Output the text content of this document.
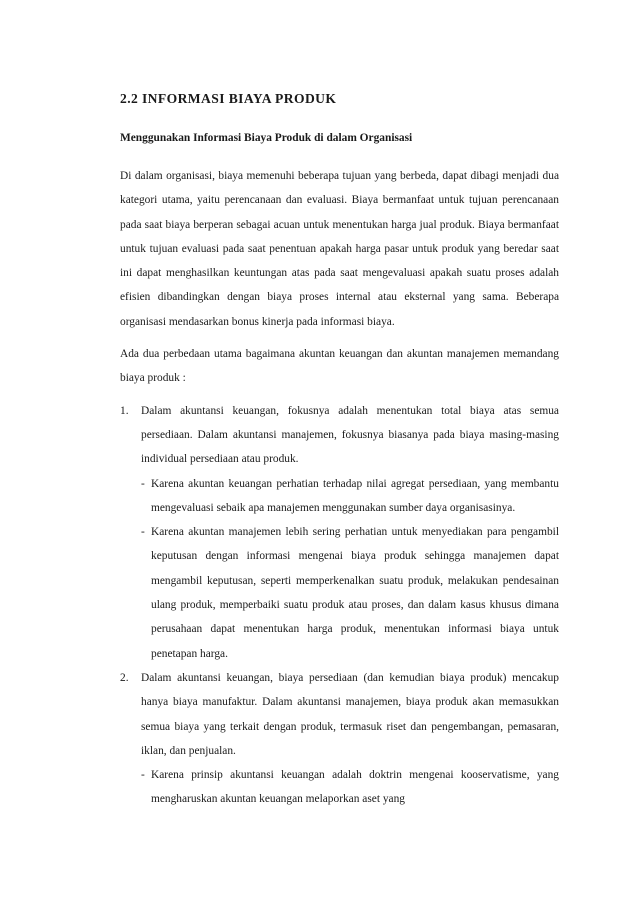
2.2 INFORMASI BIAYA PRODUK
Menggunakan Informasi Biaya Produk di dalam Organisasi

Di dalam organisasi, biaya memenuhi beberapa tujuan yang berbeda, dapat dibagi menjadi dua kategori utama, yaitu perencanaan dan evaluasi. Biaya bermanfaat untuk tujuan perencanaan pada saat biaya berperan sebagai acuan untuk menentukan harga jual produk. Biaya bermanfaat untuk tujuan evaluasi pada saat penentuan apakah harga pasar untuk produk yang beredar saat ini dapat menghasilkan keuntungan atas pada saat mengevaluasi apakah suatu proses adalah efisien dibandingkan dengan biaya proses internal atau eksternal yang sama. Beberapa organisasi mendasarkan bonus kinerja pada informasi biaya.

Ada dua perbedaan utama bagaimana akuntan keuangan dan akuntan manajemen memandang biaya produk :

1. Dalam akuntansi keuangan, fokusnya adalah menentukan total biaya atas semua persediaan. Dalam akuntansi manajemen, fokusnya biasanya pada biaya masing-masing individual persediaan atau produk.
- Karena akuntan keuangan perhatian terhadap nilai agregat persediaan, yang membantu mengevaluasi sebaik apa manajemen menggunakan sumber daya organisasinya.
- Karena akuntan manajemen lebih sering perhatian untuk menyediakan para pengambil keputusan dengan informasi mengenai biaya produk sehingga manajemen dapat mengambil keputusan, seperti memperkenalkan suatu produk, melakukan pendesainan ulang produk, memperbaiki suatu produk atau proses, dan dalam kasus khusus dimana perusahaan dapat menentukan harga produk, menentukan informasi biaya untuk penetapan harga.
2. Dalam akuntansi keuangan, biaya persediaan (dan kemudian biaya produk) mencakup hanya biaya manufaktur. Dalam akuntansi manajemen, biaya produk akan memasukkan semua biaya yang terkait dengan produk, termasuk riset dan pengembangan, pemasaran, iklan, dan penjualan.
- Karena prinsip akuntansi keuangan adalah doktrin mengenai kooservatisme, yang mengharuskan akuntan keuangan melaporkan aset yang
